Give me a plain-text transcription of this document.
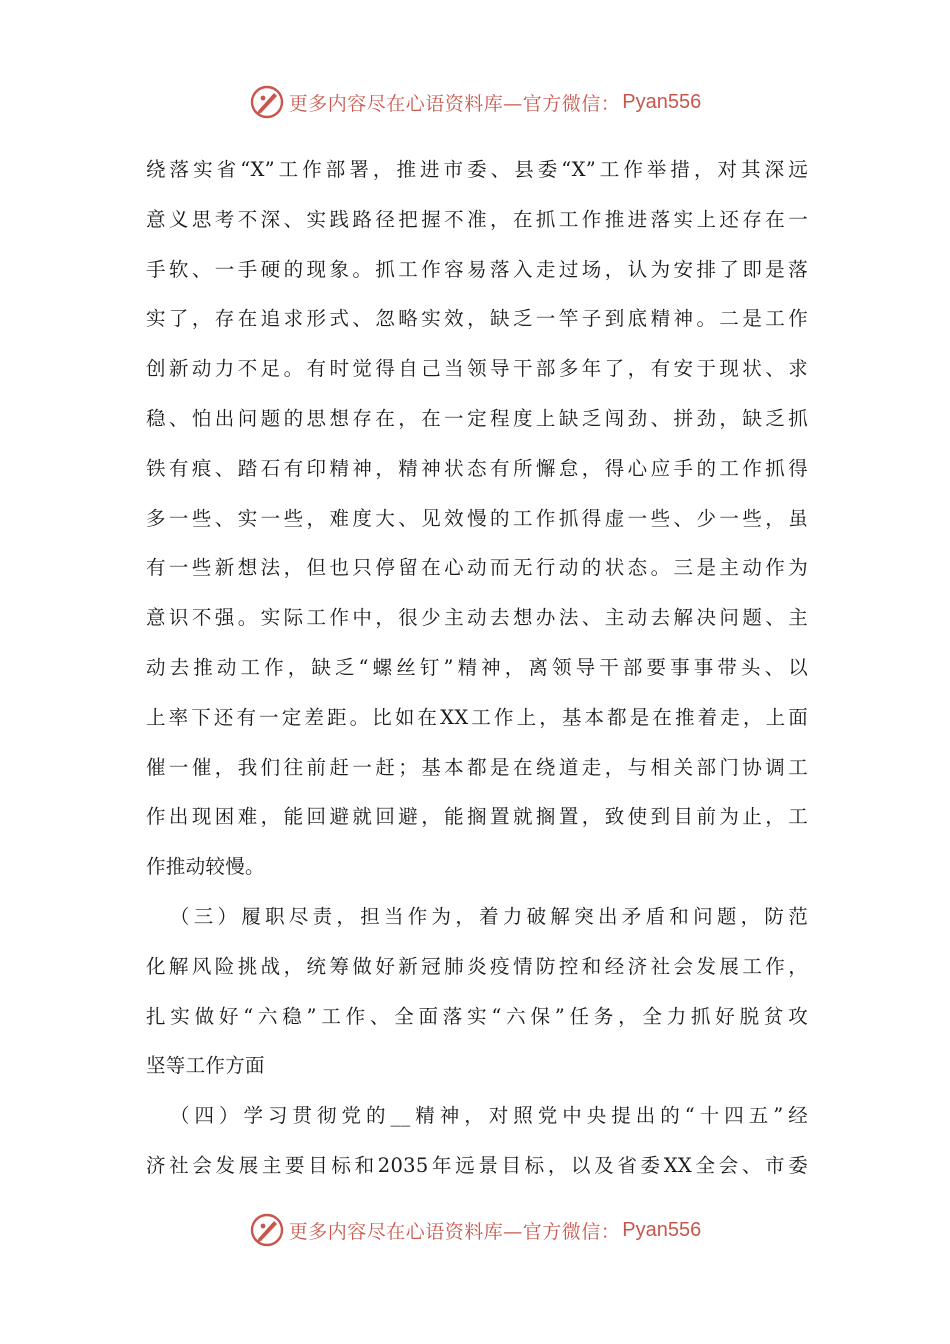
更多内容尽在心语资料库—官方微信： Pyan556
绕落实省“X”工作部署，推进市委、县委“X”工作举措，对其深远
意义思考不深、实践路径把握不准，在抓工作推进落实上还存在一
手软、一手硬的现象。抓工作容易落入走过场，认为安排了即是落
实了，存在追求形式、忽略实效，缺乏一竿子到底精神。二是工作
创新动力不足。有时觉得自己当领导干部多年了，有安于现状、求
稳、怕出问题的思想存在，在一定程度上缺乏闯劲、拼劲，缺乏抓
铁有痕、踏石有印精神，精神状态有所懈怠，得心应手的工作抓得
多一些、实一些，难度大、见效慢的工作抓得虚一些、少一些，虽
有一些新想法，但也只停留在心动而无行动的状态。三是主动作为
意识不强。实际工作中，很少主动去想办法、主动去解决问题、主
动去推动工作，缺乏“螺丝钉”精神，离领导干部要事事带头、以
上率下还有一定差距。比如在XX工作上，基本都是在推着走，上面
催一催，我们往前赶一赶；基本都是在绕道走，与相关部门协调工
作出现困难，能回避就回避，能搁置就搁置，致使到目前为止，工
作推动较慢。
（三）履职尽责，担当作为，着力破解突出矛盾和问题，防范
化解风险挑战，统筹做好新冠肺炎疫情防控和经济社会发展工作，
扎实做好“六稳”工作、全面落实“六保”任务，全力抓好脱贫攻
坚等工作方面
（四）学习贯彻党的__精神，对照党中央提出的“十四五”经
济社会发展主要目标和2035年远景目标，以及省委XX全会、市委
更多内容尽在心语资料库—官方微信： Pyan556
